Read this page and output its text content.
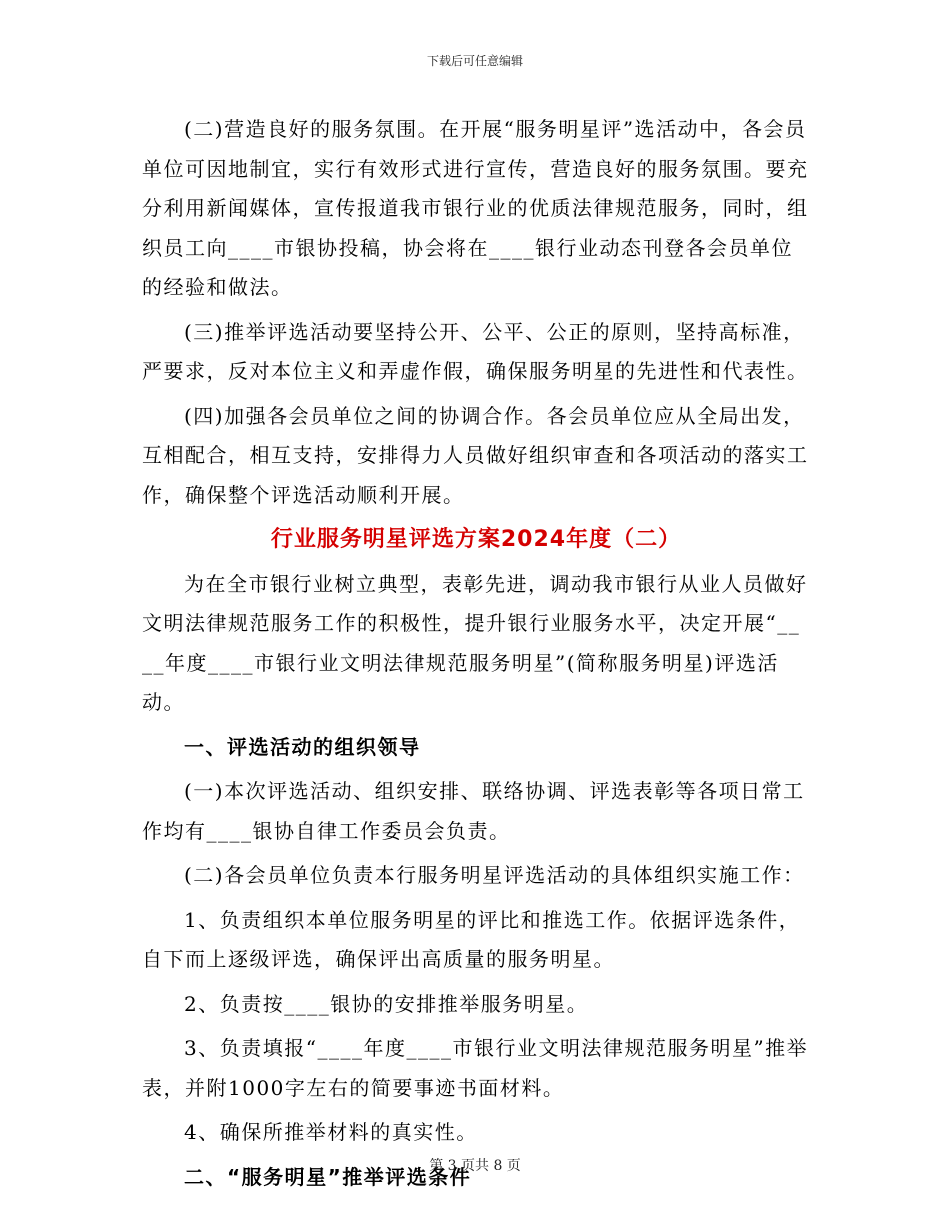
下载后可任意编辑

(二)营造良好的服务氛围。在开展“服务明星评”选活动中，各会员单位可因地制宜，实行有效形式进行宣传，营造良好的服务氛围。要充分利用新闻媒体，宣传报道我市银行业的优质法律规范服务，同时，组织员工向____市银协投稿，协会将在____银行业动态刊登各会员单位的经验和做法。

(三)推举评选活动要坚持公开、公平、公正的原则，坚持高标准，严要求，反对本位主义和弄虚作假，确保服务明星的先进性和代表性。

(四)加强各会员单位之间的协调合作。各会员单位应从全局出发，互相配合，相互支持，安排得力人员做好组织审查和各项活动的落实工作，确保整个评选活动顺利开展。

行业服务明星评选方案2024年度（二）

为在全市银行业树立典型，表彰先进，调动我市银行从业人员做好文明法律规范服务工作的积极性，提升银行业服务水平，决定开展“____年度____市银行业文明法律规范服务明星”(简称服务明星)评选活动。

一、评选活动的组织领导

(一)本次评选活动、组织安排、联络协调、评选表彰等各项日常工作均有____银协自律工作委员会负责。

(二)各会员单位负责本行服务明星评选活动的具体组织实施工作：

1、负责组织本单位服务明星的评比和推选工作。依据评选条件，自下而上逐级评选，确保评出高质量的服务明星。

2、负责按____银协的安排推举服务明星。

3、负责填报“____年度____市银行业文明法律规范服务明星”推举表，并附1000字左右的简要事迹书面材料。

4、确保所推举材料的真实性。

二、“服务明星”推举评选条件

第 3 页共 8 页
